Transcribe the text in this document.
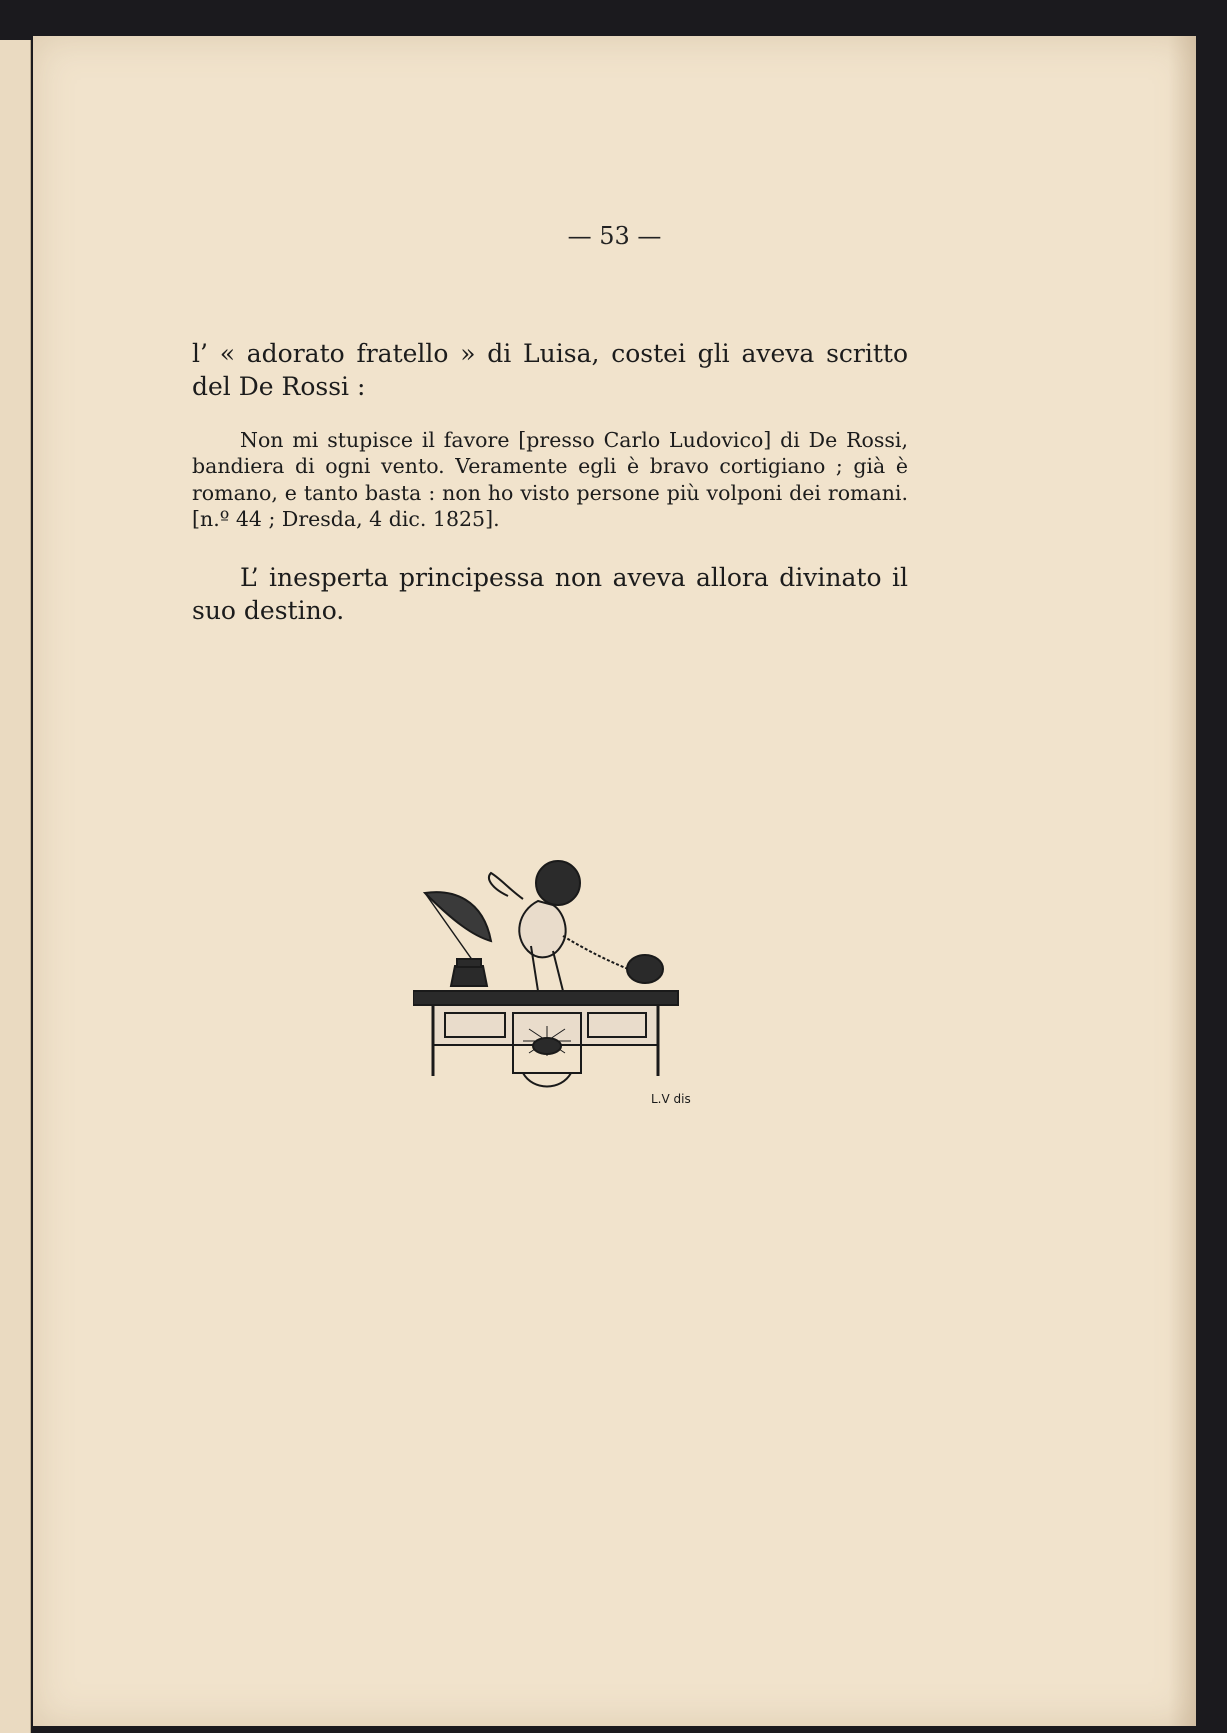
— 53 —

l’ « adorato fratello » di Luisa, costei gli aveva scritto del De Rossi :

Non mi stupisce il favore [presso Carlo Ludovico] di De Rossi, bandiera di ogni vento. Veramente egli è bravo cortigiano ; già è romano, e tanto basta : non ho visto persone più volponi dei romani. [n.º 44 ; Dresda, 4 dic. 1825].

L’ inesperta principessa non aveva allora divinato il suo destino.

L.V dis
